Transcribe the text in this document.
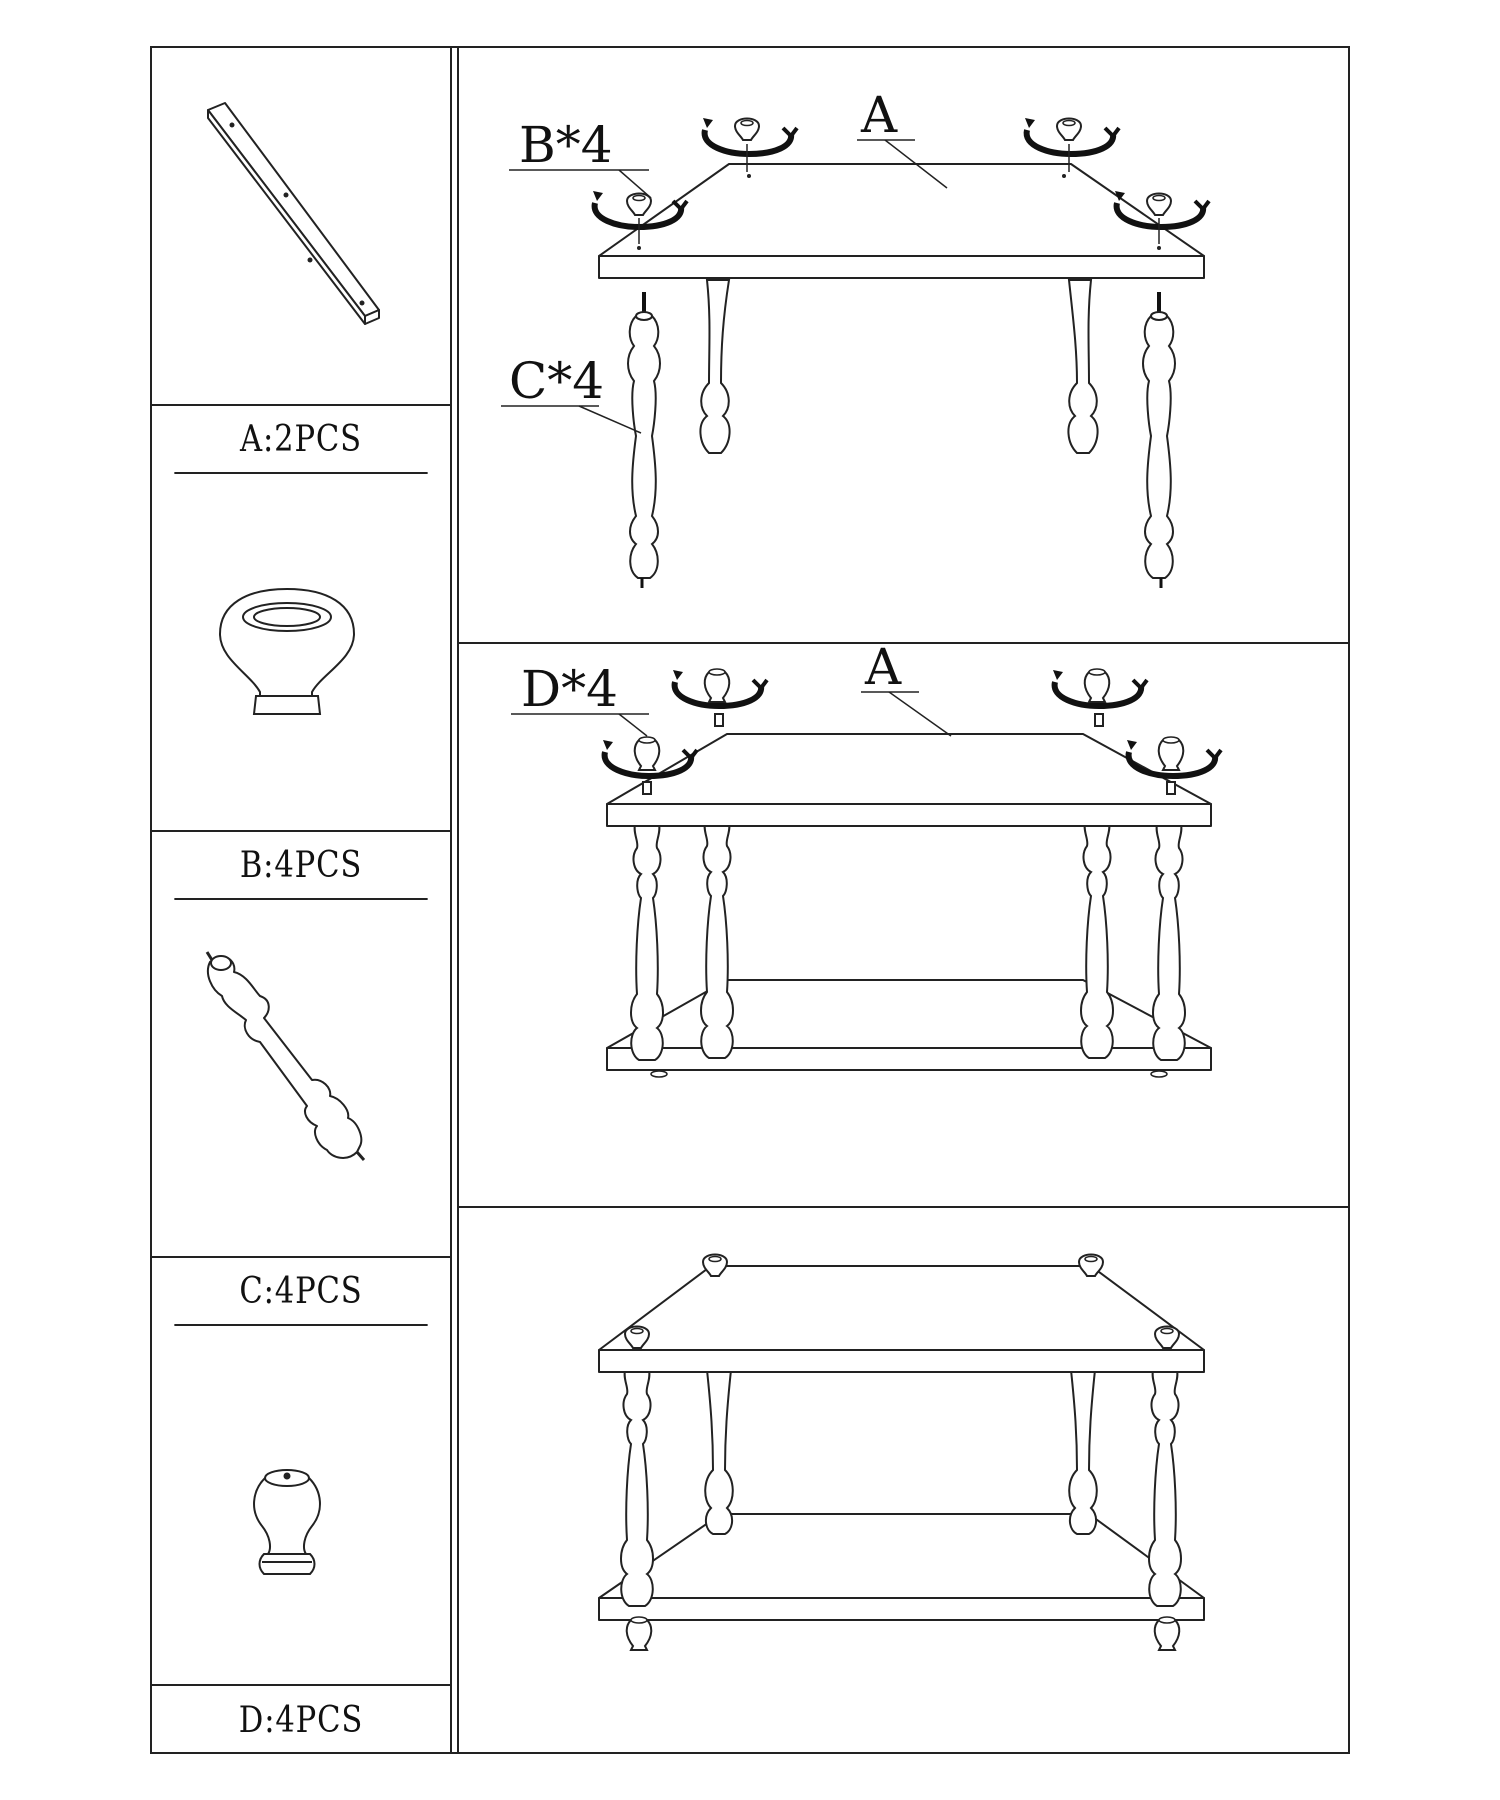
A:2PCS
B:4PCS
C:4PCS
D:4PCS
B*4
A
C*4
D*4	A
